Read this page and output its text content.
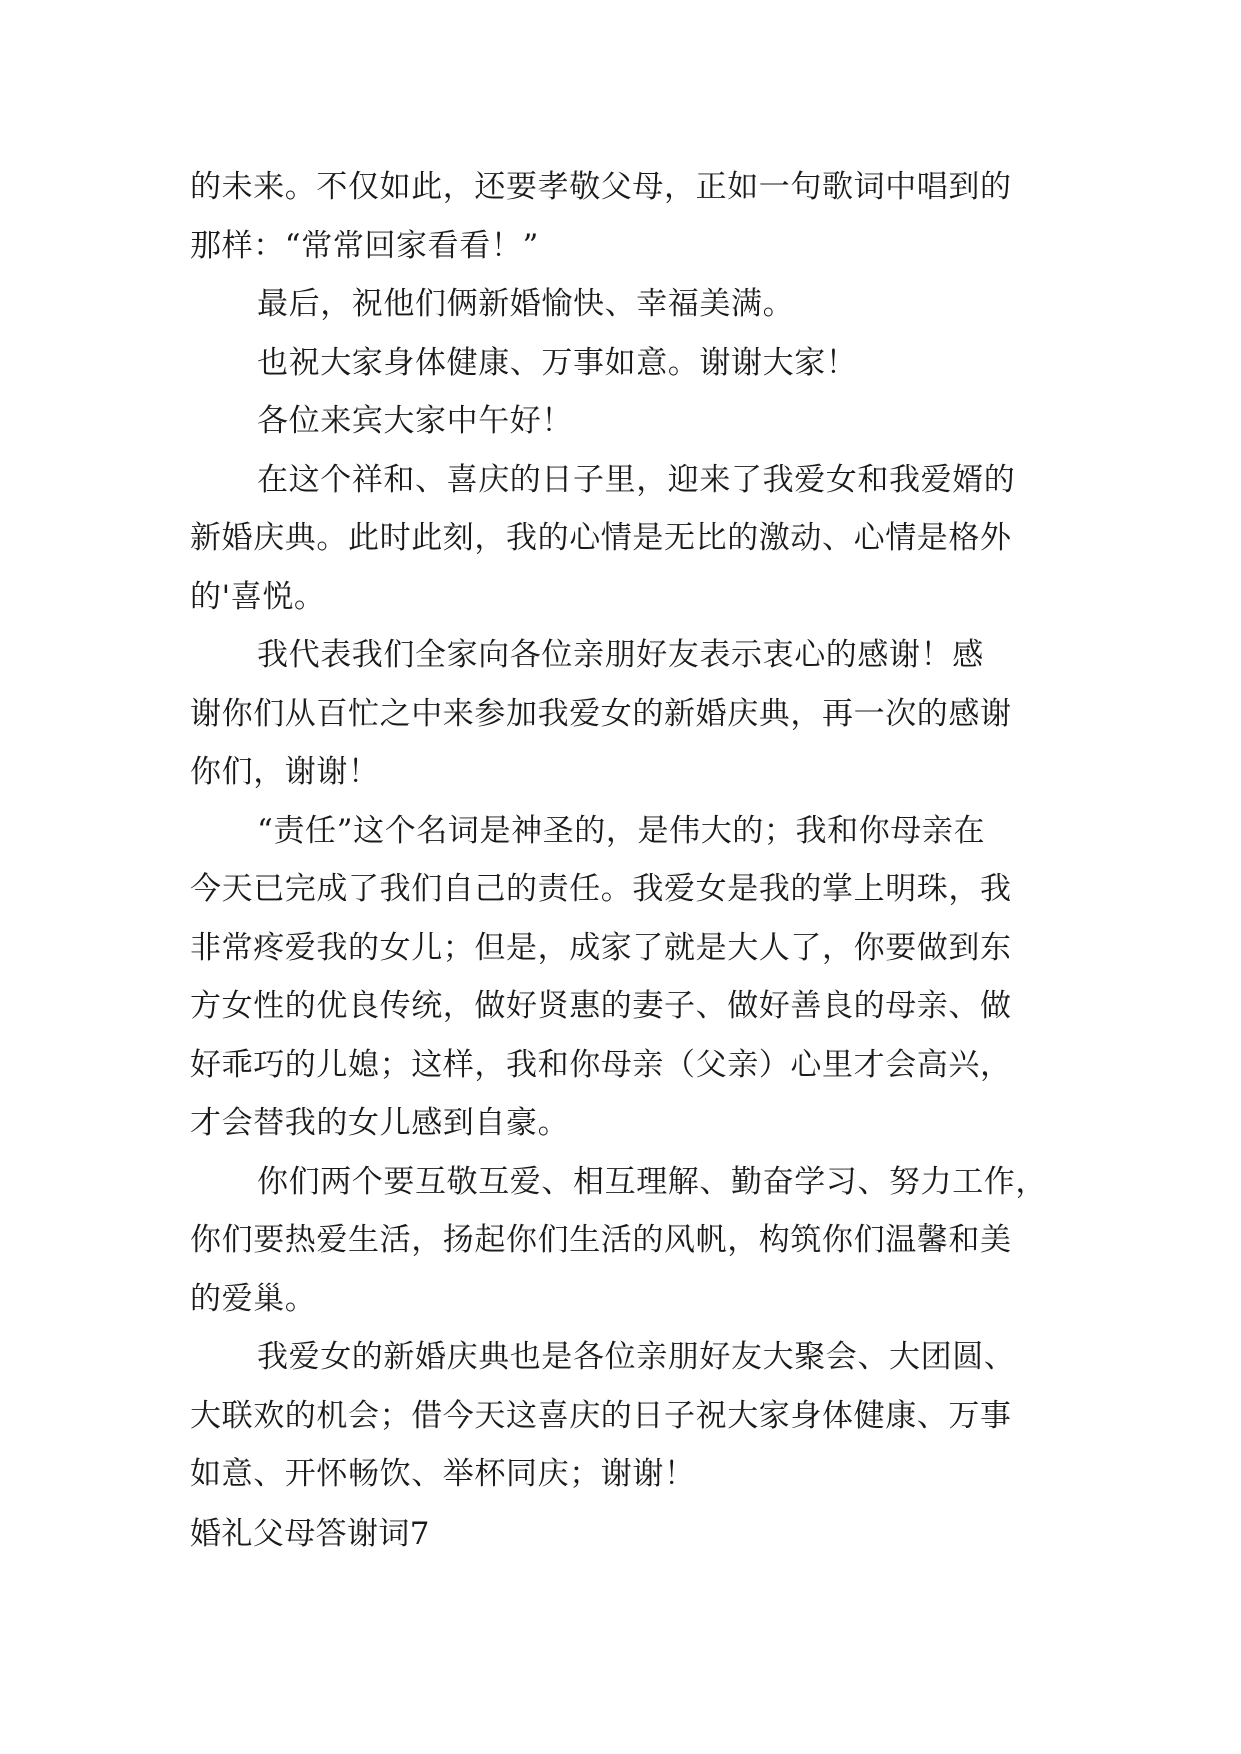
的未来。不仅如此，还要孝敬父母，正如一句歌词中唱到的
那样：“常常回家看看！”
最后，祝他们俩新婚愉快、幸福美满。
也祝大家身体健康、万事如意。谢谢大家！
各位来宾大家中午好！
在这个祥和、喜庆的日子里，迎来了我爱女和我爱婿的
新婚庆典。此时此刻，我的心情是无比的激动、心情是格外
的'喜悦。
我代表我们全家向各位亲朋好友表示衷心的感谢！感
谢你们从百忙之中来参加我爱女的新婚庆典，再一次的感谢
你们，谢谢！
“责任”这个名词是神圣的，是伟大的；我和你母亲在
今天已完成了我们自己的责任。我爱女是我的掌上明珠，我
非常疼爱我的女儿；但是，成家了就是大人了，你要做到东
方女性的优良传统，做好贤惠的妻子、做好善良的母亲、做
好乖巧的儿媳；这样，我和你母亲（父亲）心里才会高兴，
才会替我的女儿感到自豪。
你们两个要互敬互爱、相互理解、勤奋学习、努力工作，
你们要热爱生活，扬起你们生活的风帆，构筑你们温馨和美
的爱巢。
我爱女的新婚庆典也是各位亲朋好友大聚会、大团圆、
大联欢的机会；借今天这喜庆的日子祝大家身体健康、万事
如意、开怀畅饮、举杯同庆；谢谢！
婚礼父母答谢词7
